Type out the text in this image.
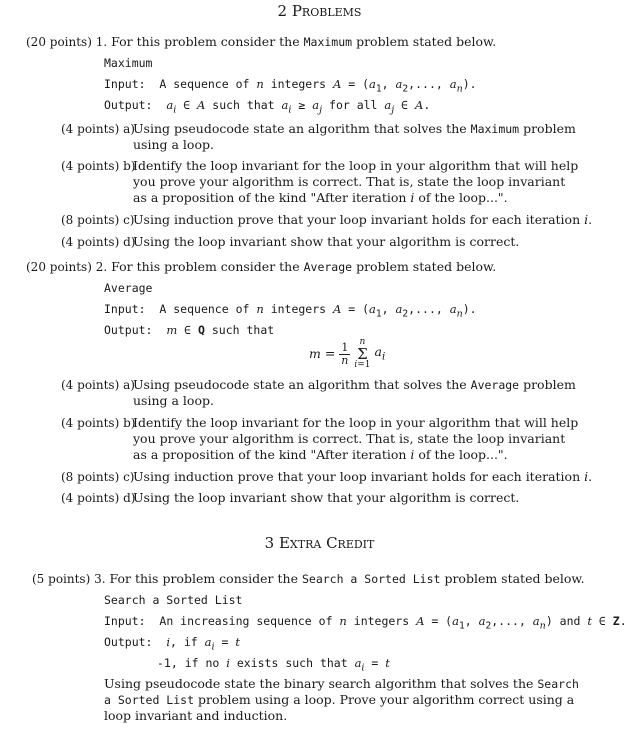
2 Problems
(20 points) 1. For this problem consider the Maximum problem stated below.
Maximum
Input: A sequence of n integers $A = (a_1$, $a_2$,..., $a_n$).
Output: $a_i$ ∈ A such that $a_i \ge a_j$ for all $a_j$ ∈ A.
(4 points) a)
Using pseudocode state an algorithm that solves the Maximum problem using a loop.
(4 points) b)
Identify the loop invariant for the loop in your algorithm that will help you prove your algorithm is correct. That is, state the loop invariant as a proposition of the kind "After iteration i of the loop...".
(8 points) c)
Using induction prove that your loop invariant holds for each iteration i.
(4 points) d)
Using the loop invariant show that your algorithm is correct.
(20 points) 2. For this problem consider the Average problem stated below.
Average
Input: A sequence of n integers $A = (a_1$, $a_2$,..., $a_n$).
Output: m ∈ Q such that
$m = \frac{1}{n}$ n
Σ
i=1 $a_i$
(4 points) a)
Using pseudocode state an algorithm that solves the Average problem using a loop.
(4 points) b)
Identify the loop invariant for the loop in your algorithm that will help you prove your algorithm is correct. That is, state the loop invariant as a proposition of the kind "After iteration i of the loop...".
(8 points) c)
Using induction prove that your loop invariant holds for each iteration i.
(4 points) d)
Using the loop invariant show that your algorithm is correct.
3 Extra Credit
(5 points) 3. For this problem consider the Search a Sorted List problem stated below.
Search a Sorted List
Input: An increasing sequence of n integers $A = (a_1$, $a_2$,..., $a_n$) and t ∈ Z.
Output: i, if $a_i = t$
-1, if no i exists such that $a_i = t$
Using pseudocode state the binary search algorithm that solves the Search a Sorted List problem using a loop. Prove your algorithm correct using a loop invariant and induction.
